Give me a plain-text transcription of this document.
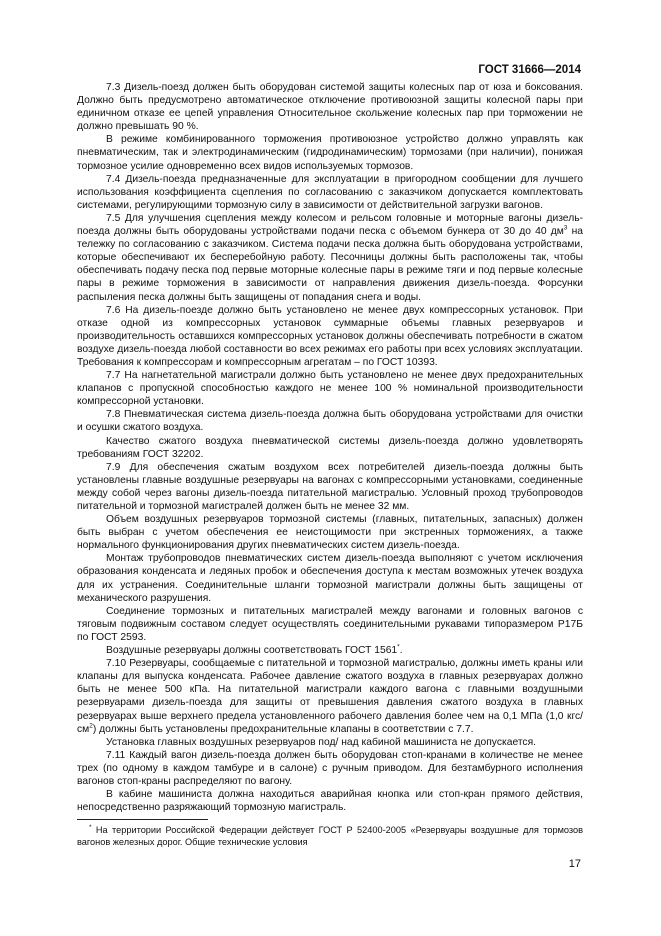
ГОСТ 31666—2014

7.3 Дизель-поезд должен быть оборудован системой защиты колесных пар от юза и боксования. Должно быть предусмотрено автоматическое отключение противоюзной защиты колесной пары при единичном отказе ее цепей управления Относительное скольжение колесных пар при торможении не должно превышать 90 %.

В режиме комбинированного торможения противоюзное устройство должно управлять как пневматическим, так и электродинамическим (гидродинамическим) тормозами (при наличии), понижая тормозное усилие одновременно всех видов используемых тормозов.

7.4 Дизель-поезда предназначенные для эксплуатации в пригородном сообщении для лучшего использования коэффициента сцепления по согласованию с заказчиком допускается комплектовать системами, регулирующими тормозную силу в зависимости от действительной загрузки вагонов.

7.5 Для улучшения сцепления между колесом и рельсом головные и моторные вагоны дизель-поезда должны быть оборудованы устройствами подачи песка с объемом бункера от 30 до 40 $дм^3$ на тележку по согласованию с заказчиком. Система подачи песка должна быть оборудована устройствами, которые обеспечивают их бесперебойную работу. Песочницы должны быть расположены так, чтобы обеспечивать подачу песка под первые моторные колесные пары в режиме тяги и под первые колесные пары в режиме торможения в зависимости от направления движения дизель-поезда. Форсунки распыления песка должны быть защищены от попадания снега и воды.

7.6 На дизель-поезде должно быть установлено не менее двух компрессорных установок. При отказе одной из компрессорных установок суммарные объемы главных резервуаров и производительность оставшихся компрессорных установок должны обеспечивать потребности в сжатом воздухе дизель-поезда любой составности во всех режимах его работы при всех условиях эксплуатации. Требования к компрессорам и компрессорным агрегатам – по ГОСТ 10393.

7.7 На нагнетательной магистрали должно быть установлено не менее двух предохранительных клапанов с пропускной способностью каждого не менее 100 % номинальной производительности компрессорной установки.

7.8 Пневматическая система дизель-поезда должна быть оборудована устройствами для очистки и осушки сжатого воздуха.

Качество сжатого воздуха пневматической системы дизель-поезда должно удовлетворять требованиям ГОСТ 32202.

7.9 Для обеспечения сжатым воздухом всех потребителей дизель-поезда должны быть установлены главные воздушные резервуары на вагонах с компрессорными установками, соединенные между собой через вагоны дизель-поезда питательной магистралью. Условный проход трубопроводов питательной и тормозной магистралей должен быть не менее 32 мм.

Объем воздушных резервуаров тормозной системы (главных, питательных, запасных) должен быть выбран с учетом обеспечения ее неистощимости при экстренных торможениях, а также нормального функционирования других пневматических систем дизель-поезда.

Монтаж трубопроводов пневматических систем дизель-поезда выполняют с учетом исключения образования конденсата и ледяных пробок и обеспечения доступа к местам возможных утечек воздуха для их устранения. Соединительные шланги тормозной магистрали должны быть защищены от механического разрушения.

Соединение тормозных и питательных магистралей между вагонами и головных вагонов с тяговым подвижным составом следует осуществлять соединительными рукавами типоразмером Р17Б по ГОСТ 2593.

Воздушные резервуары должны соответствовать ГОСТ 1561*.

7.10 Резервуары, сообщаемые с питательной и тормозной магистралью, должны иметь краны или клапаны для выпуска конденсата. Рабочее давление сжатого воздуха в главных резервуарах должно быть не менее 500 кПа. На питательной магистрали каждого вагона с главными воздушными резервуарами дизель-поезда для защиты от превышения давления сжатого воздуха в главных резервуарах выше верхнего предела установленного рабочего давления более чем на 0,1 МПа (1,0 кгс/$см^2$) должны быть установлены предохранительные клапаны в соответствии с 7.7.

Установка главных воздушных резервуаров под/ над кабиной машиниста не допускается.

7.11 Каждый вагон дизель-поезда должен быть оборудован стоп-кранами в количестве не менее трех (по одному в каждом тамбуре и в салоне) с ручным приводом. Для безтамбурного исполнения вагонов стоп-краны распределяют по вагону.

В кабине машиниста должна находиться аварийная кнопка или стоп-кран прямого действия, непосредственно разряжающий тормозную магистраль.

* На территории Российской Федерации действует ГОСТ Р 52400-2005 «Резервуары воздушные для тормозов вагонов железных дорог. Общие технические условия

17
